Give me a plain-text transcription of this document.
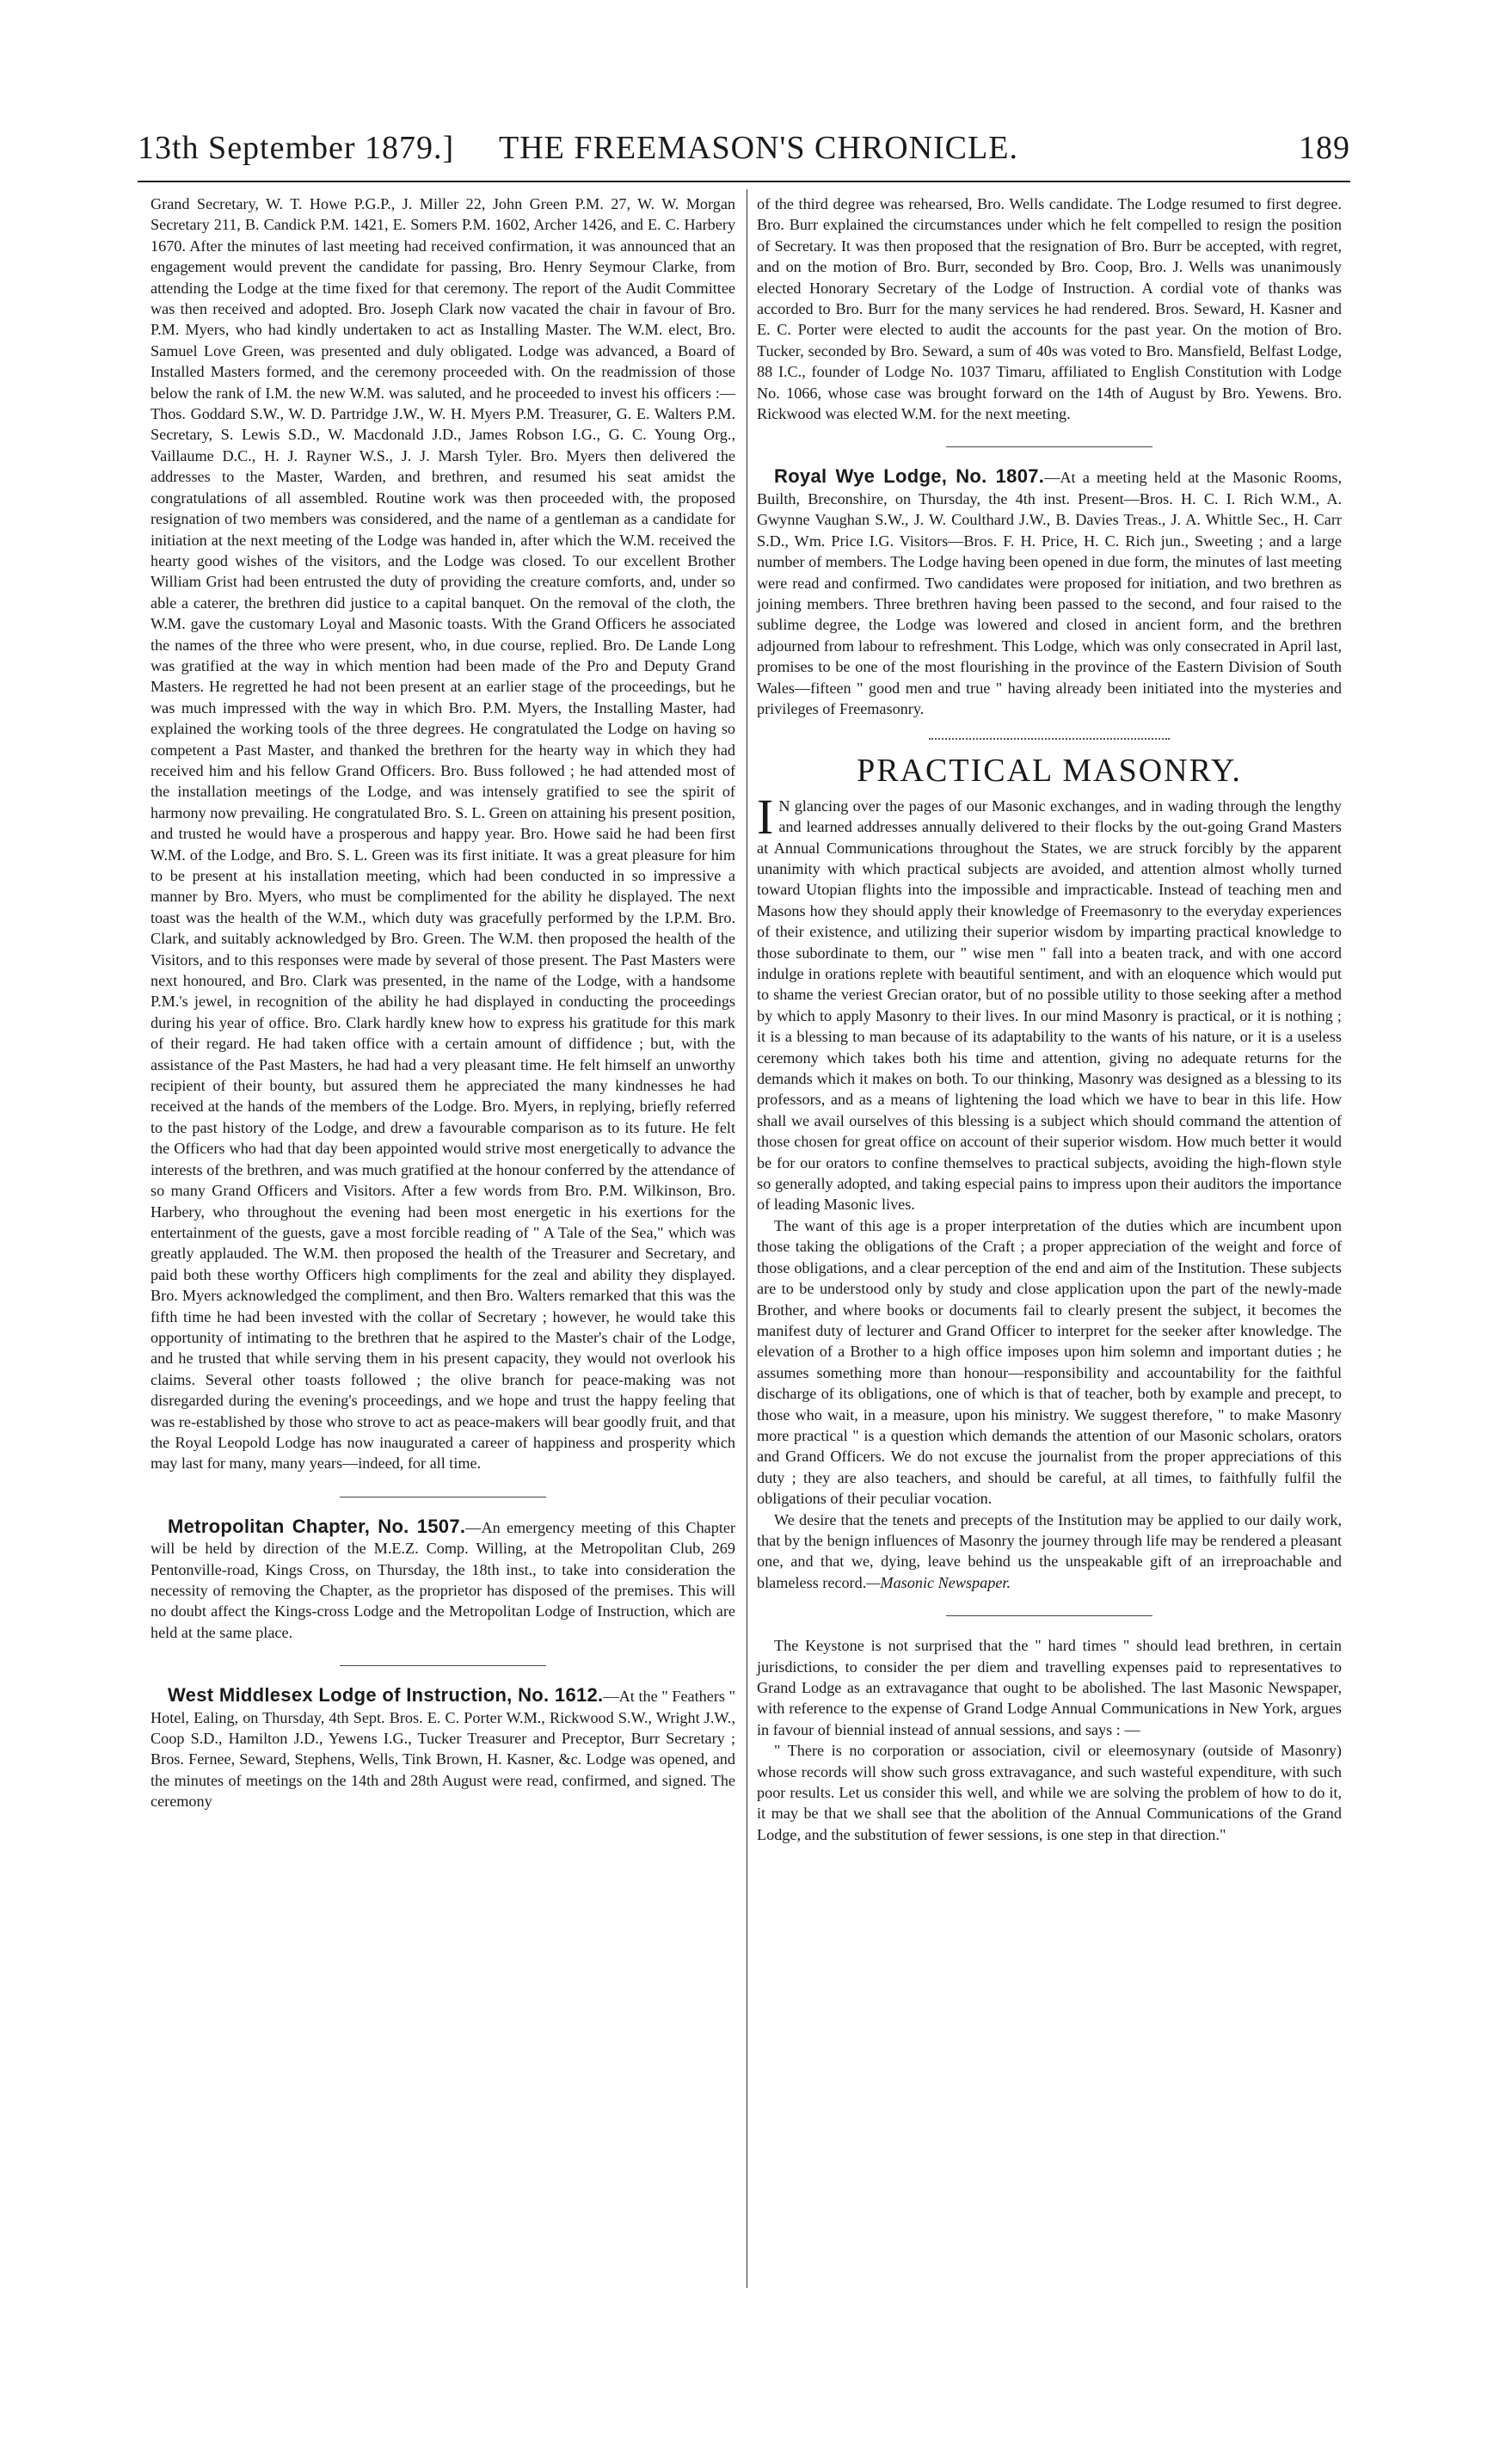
13th September 1879.] THE FREEMASON'S CHRONICLE.	189

Grand Secretary, W. T. Howe P.G.P., J. Miller 22, John Green P.M. 27, W. W. Morgan Secretary 211, B. Candick P.M. 1421, E. Somers P.M. 1602, Archer 1426, and E. C. Harbery 1670. After the minutes of last meeting had received confirmation, it was announced that an engagement would prevent the candidate for passing, Bro. Henry Seymour Clarke, from attending the Lodge at the time fixed for that ceremony. The report of the Audit Committee was then received and adopted. Bro. Joseph Clark now vacated the chair in favour of Bro. P.M. Myers, who had kindly undertaken to act as Installing Master. The W.M. elect, Bro. Samuel Love Green, was presented and duly obligated. Lodge was advanced, a Board of Installed Masters formed, and the ceremony proceeded with. On the readmission of those below the rank of I.M. the new W.M. was saluted, and he proceeded to invest his officers :—Thos. Goddard S.W., W. D. Partridge J.W., W. H. Myers P.M. Treasurer, G. E. Walters P.M. Secretary, S. Lewis S.D., W. Macdonald J.D., James Robson I.G., G. C. Young Org., Vaillaume D.C., H. J. Rayner W.S., J. J. Marsh Tyler. Bro. Myers then delivered the addresses to the Master, Warden, and brethren, and resumed his seat amidst the congratulations of all assembled. Routine work was then proceeded with, the proposed resignation of two members was considered, and the name of a gentleman as a candidate for initiation at the next meeting of the Lodge was handed in, after which the W.M. received the hearty good wishes of the visitors, and the Lodge was closed. To our excellent Brother William Grist had been entrusted the duty of providing the creature comforts, and, under so able a caterer, the brethren did justice to a capital banquet. On the removal of the cloth, the W.M. gave the customary Loyal and Masonic toasts. With the Grand Officers he associated the names of the three who were present, who, in due course, replied. Bro. De Lande Long was gratified at the way in which mention had been made of the Pro and Deputy Grand Masters. He regretted he had not been present at an earlier stage of the proceedings, but he was much impressed with the way in which Bro. P.M. Myers, the Installing Master, had explained the working tools of the three degrees. He congratulated the Lodge on having so competent a Past Master, and thanked the brethren for the hearty way in which they had received him and his fellow Grand Officers. Bro. Buss followed ; he had attended most of the installation meetings of the Lodge, and was intensely gratified to see the spirit of harmony now prevailing. He congratulated Bro. S. L. Green on attaining his present position, and trusted he would have a prosperous and happy year. Bro. Howe said he had been first W.M. of the Lodge, and Bro. S. L. Green was its first initiate. It was a great pleasure for him to be present at his installation meeting, which had been conducted in so impressive a manner by Bro. Myers, who must be complimented for the ability he displayed. The next toast was the health of the W.M., which duty was gracefully performed by the I.P.M. Bro. Clark, and suitably acknowledged by Bro. Green. The W.M. then proposed the health of the Visitors, and to this responses were made by several of those present. The Past Masters were next honoured, and Bro. Clark was presented, in the name of the Lodge, with a handsome P.M.'s jewel, in recognition of the ability he had displayed in conducting the proceedings during his year of office. Bro. Clark hardly knew how to express his gratitude for this mark of their regard. He had taken office with a certain amount of diffidence ; but, with the assistance of the Past Masters, he had had a very pleasant time. He felt himself an unworthy recipient of their bounty, but assured them he appreciated the many kindnesses he had received at the hands of the members of the Lodge. Bro. Myers, in replying, briefly referred to the past history of the Lodge, and drew a favourable comparison as to its future. He felt the Officers who had that day been appointed would strive most energetically to advance the interests of the brethren, and was much gratified at the honour conferred by the attendance of so many Grand Officers and Visitors. After a few words from Bro. P.M. Wilkinson, Bro. Harbery, who throughout the evening had been most energetic in his exertions for the entertainment of the guests, gave a most forcible reading of " A Tale of the Sea," which was greatly applauded. The W.M. then proposed the health of the Treasurer and Secretary, and paid both these worthy Officers high compliments for the zeal and ability they displayed. Bro. Myers acknowledged the compliment, and then Bro. Walters remarked that this was the fifth time he had been invested with the collar of Secretary ; however, he would take this opportunity of intimating to the brethren that he aspired to the Master's chair of the Lodge, and he trusted that while serving them in his present capacity, they would not overlook his claims. Several other toasts followed ; the olive branch for peace-making was not disregarded during the evening's proceedings, and we hope and trust the happy feeling that was re-established by those who strove to act as peace-makers will bear goodly fruit, and that the Royal Leopold Lodge has now inaugurated a career of happiness and prosperity which may last for many, many years—indeed, for all time.

Metropolitan Chapter, No. 1507.—An emergency meeting of this Chapter will be held by direction of the M.E.Z. Comp. Willing, at the Metropolitan Club, 269 Pentonville-road, Kings Cross, on Thursday, the 18th inst., to take into consideration the necessity of removing the Chapter, as the proprietor has disposed of the premises. This will no doubt affect the Kings-cross Lodge and the Metropolitan Lodge of Instruction, which are held at the same place.

West Middlesex Lodge of Instruction, No. 1612.—At the " Feathers " Hotel, Ealing, on Thursday, 4th Sept. Bros. E. C. Porter W.M., Rickwood S.W., Wright J.W., Coop S.D., Hamilton J.D., Yewens I.G., Tucker Treasurer and Preceptor, Burr Secretary ; Bros. Fernee, Seward, Stephens, Wells, Tink Brown, H. Kasner, &c. Lodge was opened, and the minutes of meetings on the 14th and 28th August were read, confirmed, and signed. The ceremony

of the third degree was rehearsed, Bro. Wells candidate. The Lodge resumed to first degree. Bro. Burr explained the circumstances under which he felt compelled to resign the position of Secretary. It was then proposed that the resignation of Bro. Burr be accepted, with regret, and on the motion of Bro. Burr, seconded by Bro. Coop, Bro. J. Wells was unanimously elected Honorary Secretary of the Lodge of Instruction. A cordial vote of thanks was accorded to Bro. Burr for the many services he had rendered. Bros. Seward, H. Kasner and E. C. Porter were elected to audit the accounts for the past year. On the motion of Bro. Tucker, seconded by Bro. Seward, a sum of 40s was voted to Bro. Mansfield, Belfast Lodge, 88 I.C., founder of Lodge No. 1037 Timaru, affiliated to English Constitution with Lodge No. 1066, whose case was brought forward on the 14th of August by Bro. Yewens. Bro. Rickwood was elected W.M. for the next meeting.

Royal Wye Lodge, No. 1807.—At a meeting held at the Masonic Rooms, Builth, Breconshire, on Thursday, the 4th inst. Present—Bros. H. C. I. Rich W.M., A. Gwynne Vaughan S.W., J. W. Coulthard J.W., B. Davies Treas., J. A. Whittle Sec., H. Carr S.D., Wm. Price I.G. Visitors—Bros. F. H. Price, H. C. Rich jun., Sweeting ; and a large number of members. The Lodge having been opened in due form, the minutes of last meeting were read and confirmed. Two candidates were proposed for initiation, and two brethren as joining members. Three brethren having been passed to the second, and four raised to the sublime degree, the Lodge was lowered and closed in ancient form, and the brethren adjourned from labour to refreshment. This Lodge, which was only consecrated in April last, promises to be one of the most flourishing in the province of the Eastern Division of South Wales—fifteen " good men and true " having already been initiated into the mysteries and privileges of Freemasonry.

PRACTICAL MASONRY.

I N glancing over the pages of our Masonic exchanges, and in wading through the lengthy and learned addresses annually delivered to their flocks by the out-going Grand Masters at Annual Communications throughout the States, we are struck forcibly by the apparent unanimity with which practical subjects are avoided, and attention almost wholly turned toward Utopian flights into the impossible and impracticable. Instead of teaching men and Masons how they should apply their knowledge of Freemasonry to the everyday experiences of their existence, and utilizing their superior wisdom by imparting practical knowledge to those subordinate to them, our " wise men " fall into a beaten track, and with one accord indulge in orations replete with beautiful sentiment, and with an eloquence which would put to shame the veriest Grecian orator, but of no possible utility to those seeking after a method by which to apply Masonry to their lives. In our mind Masonry is practical, or it is nothing ; it is a blessing to man because of its adaptability to the wants of his nature, or it is a useless ceremony which takes both his time and attention, giving no adequate returns for the demands which it makes on both. To our thinking, Masonry was designed as a blessing to its professors, and as a means of lightening the load which we have to bear in this life. How shall we avail ourselves of this blessing is a subject which should command the attention of those chosen for great office on account of their superior wisdom. How much better it would be for our orators to confine themselves to practical subjects, avoiding the high-flown style so generally adopted, and taking especial pains to impress upon their auditors the importance of leading Masonic lives.

The want of this age is a proper interpretation of the duties which are incumbent upon those taking the obligations of the Craft ; a proper appreciation of the weight and force of those obligations, and a clear perception of the end and aim of the Institution. These subjects are to be understood only by study and close application upon the part of the newly-made Brother, and where books or documents fail to clearly present the subject, it becomes the manifest duty of lecturer and Grand Officer to interpret for the seeker after knowledge. The elevation of a Brother to a high office imposes upon him solemn and important duties ; he assumes something more than honour—responsibility and accountability for the faithful discharge of its obligations, one of which is that of teacher, both by example and precept, to those who wait, in a measure, upon his ministry. We suggest therefore, " to make Masonry more practical " is a question which demands the attention of our Masonic scholars, orators and Grand Officers. We do not excuse the journalist from the proper appreciations of this duty ; they are also teachers, and should be careful, at all times, to faithfully fulfil the obligations of their peculiar vocation.

We desire that the tenets and precepts of the Institution may be applied to our daily work, that by the benign influences of Masonry the journey through life may be rendered a pleasant one, and that we, dying, leave behind us the unspeakable gift of an irreproachable and blameless record.—Masonic Newspaper.

The Keystone is not surprised that the " hard times " should lead brethren, in certain jurisdictions, to consider the per diem and travelling expenses paid to representatives to Grand Lodge as an extravagance that ought to be abolished. The last Masonic Newspaper, with reference to the expense of Grand Lodge Annual Communications in New York, argues in favour of biennial instead of annual sessions, and says : —

" There is no corporation or association, civil or eleemosynary (outside of Masonry) whose records will show such gross extravagance, and such wasteful expenditure, with such poor results. Let us consider this well, and while we are solving the problem of how to do it, it may be that we shall see that the abolition of the Annual Communications of the Grand Lodge, and the substitution of fewer sessions, is one step in that direction."
